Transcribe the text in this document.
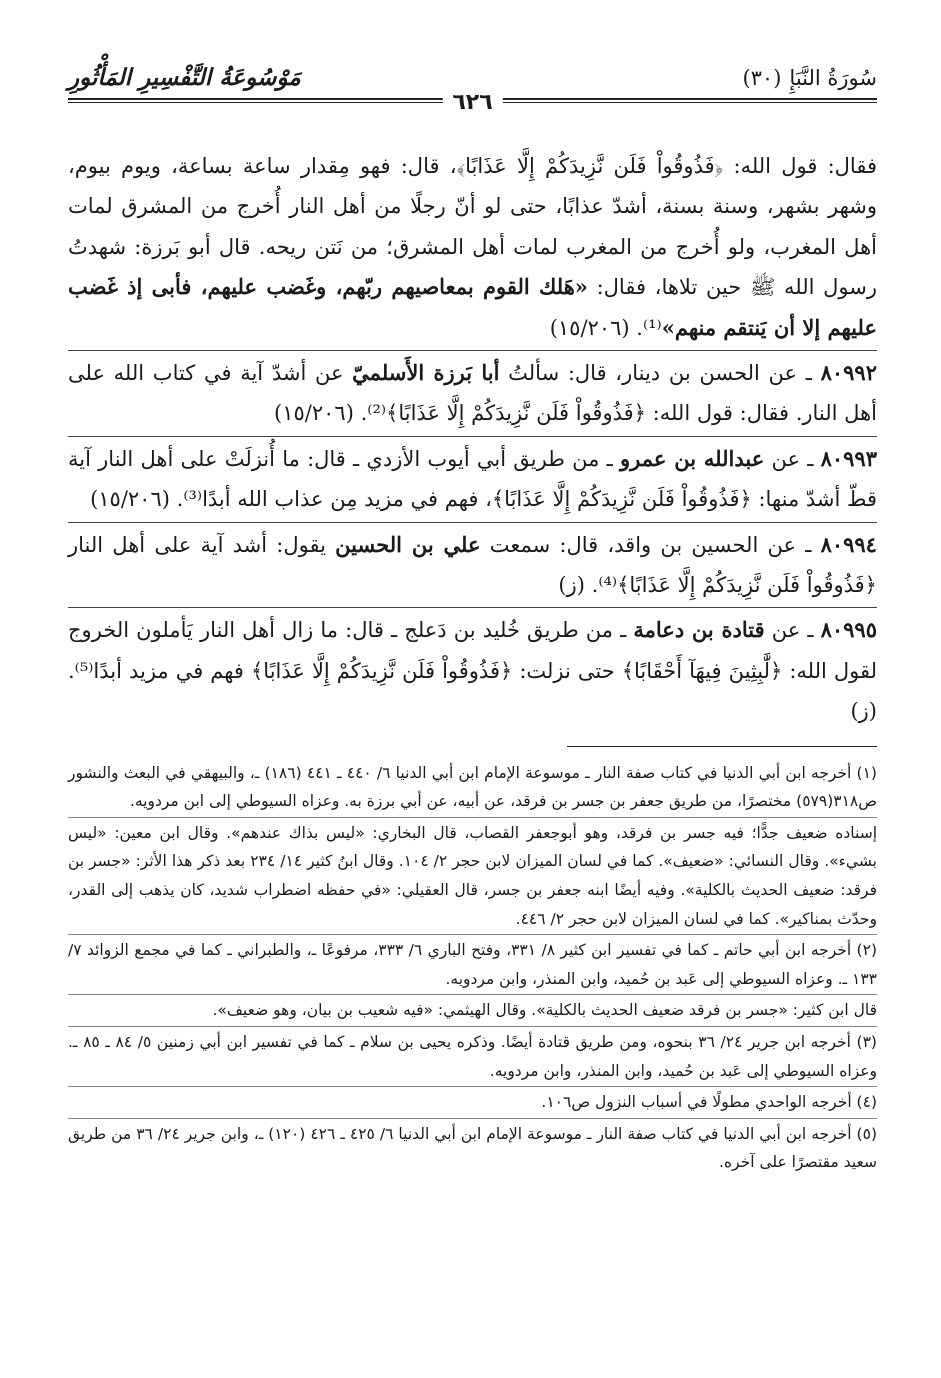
سُورَةُ النَّبَإِ (٣٠)
مَوْسُوعَةُ التَّفْسِيرِ المَأْثُورِ
٦٢٦

فقال: قول الله: ﴿فَذُوقُواْ فَلَن نَّزِيدَكُمْ إِلَّا عَذَابًا﴾، قال: فهو مِقدار ساعة بساعة، ويوم بيوم، وشهر بشهر، وسنة بسنة، أشدّ عذابًا، حتى لو أنّ رجلًا من أهل النار أُخرج من المشرق لمات أهل المغرب، ولو أُخرج من المغرب لمات أهل المشرق؛ من نَتن ريحه. قال أبو بَرزة: شهدتُ رسول الله ﷺ حين تلاها، فقال: «هَلك القوم بمعاصيهم ربّهم، وغَضب عليهم، فأبى إذ غَضب عليهم إلا أن يَنتقم منهم»⁽¹⁾. (١٥/٢٠٦)

٨٠٩٩٢ ـ عن الحسن بن دينار، قال: سألتُ أبا بَرزة الأَسلميّ عن أشدّ آية في كتاب الله على أهل النار. فقال: قول الله: ﴿فَذُوقُواْ فَلَن نَّزِيدَكُمْ إِلَّا عَذَابًا﴾⁽²⁾. (١٥/٢٠٦)

٨٠٩٩٣ ـ عن عبدالله بن عمرو ـ من طريق أبي أيوب الأزدي ـ قال: ما أُنزلَتْ على أهل النار آية قطّ أشدّ منها: ﴿فَذُوقُواْ فَلَن نَّزِيدَكُمْ إِلَّا عَذَابًا﴾، فهم في مزيد مِن عذاب الله أبدًا⁽³⁾. (١٥/٢٠٦)

٨٠٩٩٤ ـ عن الحسين بن واقد، قال: سمعت علي بن الحسين يقول: أشد آية على أهل النار ﴿فَذُوقُواْ فَلَن نَّزِيدَكُمْ إِلَّا عَذَابًا﴾⁽⁴⁾. (ز)

٨٠٩٩٥ ـ عن قتادة بن دعامة ـ من طريق خُليد بن دَعلج ـ قال: ما زال أهل النار يَأملون الخروج لقول الله: ﴿لَّٰبِثِينَ فِيهَآ أَحْقَابًا﴾ حتى نزلت: ﴿فَذُوقُواْ فَلَن نَّزِيدَكُمْ إِلَّا عَذَابًا﴾ فهم في مزيد أبدًا⁽⁵⁾. (ز)

(١) أخرجه ابن أبي الدنيا في كتاب صفة النار ـ موسوعة الإمام ابن أبي الدنيا ٦/ ٤٤٠ ـ ٤٤١ (١٨٦) ـ، والبيهقي في البعث والنشور ص٣١٨(٥٧٩) مختصرًا، من طريق جعفر بن جسر بن فرقد، عن أبيه، عن أبي برزة به. وعزاه السيوطي إلى ابن مردويه.

إسناده ضعيف جدًّا؛ فيه جسر بن فرقد، وهو أبوجعفر القصاب، قال البخاري: «ليس بذاك عندهم». وقال ابن معين: «ليس بشيء». وقال النسائي: «ضعيف». كما في لسان الميزان لابن حجر ٢/ ١٠٤. وقال ابنُ كثير ١٤/ ٢٣٤ بعد ذكر هذا الأثر: «جسر بن فرقد: ضعيف الحديث بالكلية». وفيه أيضًا ابنه جعفر بن جسر، قال العقيلي: «في حفظه اضطراب شديد، كان يذهب إلى القدر، وحدّث بمناكير». كما في لسان الميزان لابن حجر ٢/ ٤٤٦.

(٢) أخرجه ابن أبي حاتم ـ كما في تفسير ابن كثير ٨/ ٣٣١، وفتح الباري ٦/ ٣٣٣، مرفوعًا ـ، والطبراني ـ كما في مجمع الزوائد ٧/ ١٣٣ ـ. وعزاه السيوطي إلى عَبد بن حُميد، وابن المنذر، وابن مردويه.

قال ابن كثير: «جسر بن فرقد ضعيف الحديث بالكلية». وقال الهيثمي: «فيه شعيب بن بيان، وهو ضعيف».

(٣) أخرجه ابن جرير ٢٤/ ٣٦ بنحوه، ومن طريق قتادة أيضًا. وذكره يحيى بن سلام ـ كما في تفسير ابن أبي زمنين ٥/ ٨٤ ـ ٨٥ ـ. وعزاه السيوطي إلى عَبد بن حُميد، وابن المنذر، وابن مردويه.

(٤) أخرجه الواحدي مطولًا في أسباب النزول ص١٠٦.

(٥) أخرجه ابن أبي الدنيا في كتاب صفة النار ـ موسوعة الإمام ابن أبي الدنيا ٦/ ٤٢٥ ـ ٤٢٦ (١٢٠) ـ، وابن جرير ٢٤/ ٣٦ من طريق سعيد مقتصرًا على آخره.
